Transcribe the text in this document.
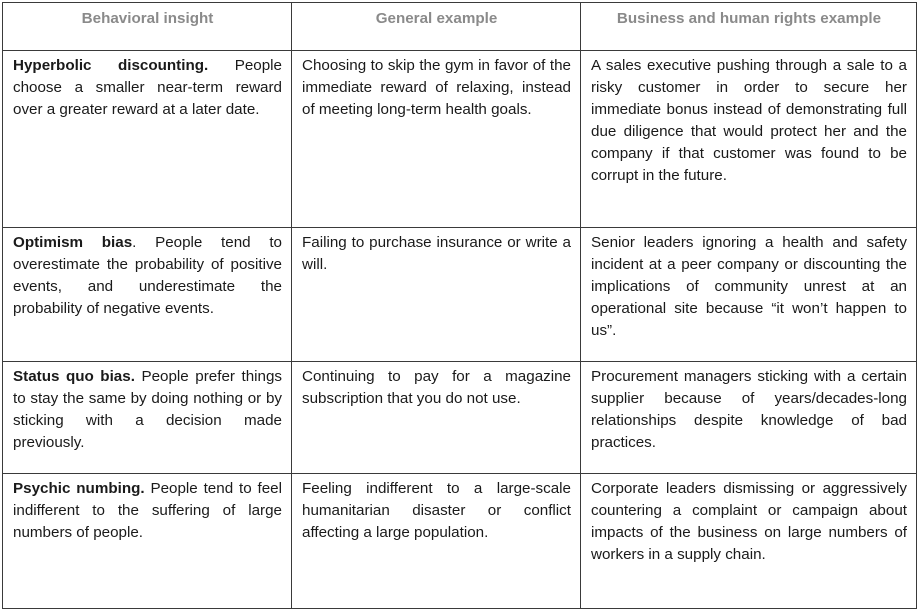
Behavioral insight	General example	Business and human rights example
Hyperbolic discounting. People choose a smaller near-term reward over a greater reward at a later date.	Choosing to skip the gym in favor of the immediate reward of relaxing, instead of meeting long-term health goals.	A sales executive pushing through a sale to a risky customer in order to secure her immediate bonus instead of demonstrating full due diligence that would protect her and the company if that customer was found to be corrupt in the future.
Optimism bias. People tend to overestimate the probability of positive events, and underestimate the probability of negative events.	Failing to purchase insurance or write a will.	Senior leaders ignoring a health and safety incident at a peer company or discounting the implications of community unrest at an operational site because “it won’t happen to us”.
Status quo bias. People prefer things to stay the same by doing nothing or by sticking with a decision made previously.	Continuing to pay for a magazine subscription that you do not use.	Procurement managers sticking with a certain supplier because of years/decades-long relationships despite knowledge of bad practices.
Psychic numbing. People tend to feel indifferent to the suffering of large numbers of people.	Feeling indifferent to a large-scale humanitarian disaster or conflict affecting a large population.	Corporate leaders dismissing or aggressively countering a complaint or campaign about impacts of the business on large numbers of workers in a supply chain.
